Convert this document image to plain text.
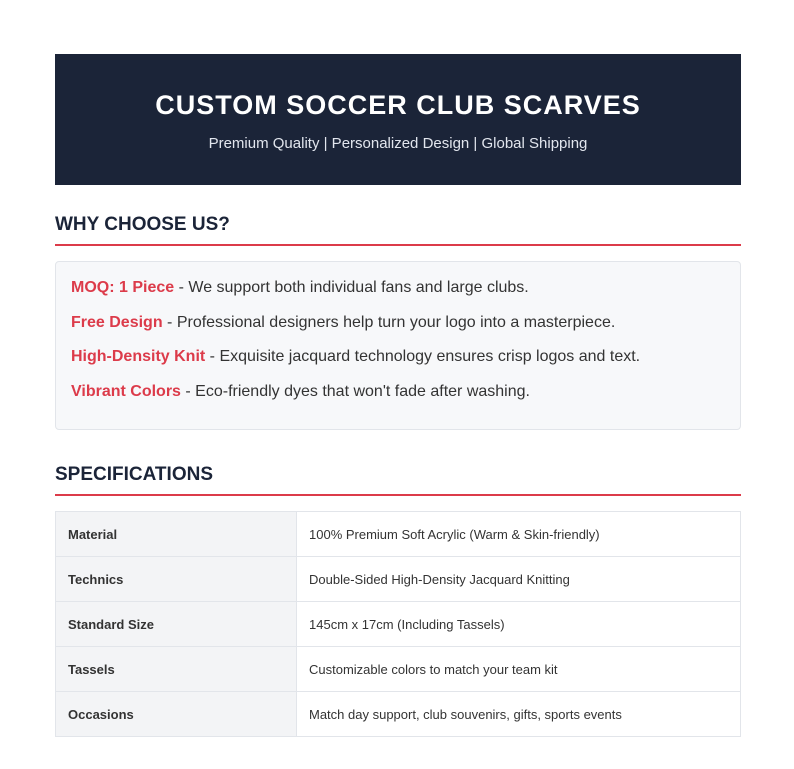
CUSTOM SOCCER CLUB SCARVES
Premium Quality | Personalized Design | Global Shipping
WHY CHOOSE US?
MOQ: 1 Piece - We support both individual fans and large clubs.
Free Design - Professional designers help turn your logo into a masterpiece.
High-Density Knit - Exquisite jacquard technology ensures crisp logos and text.
Vibrant Colors - Eco-friendly dyes that won't fade after washing.
SPECIFICATIONS
Material	100% Premium Soft Acrylic (Warm & Skin-friendly)
Technics	Double-Sided High-Density Jacquard Knitting
Standard Size	145cm x 17cm (Including Tassels)
Tassels	Customizable colors to match your team kit
Occasions	Match day support, club souvenirs, gifts, sports events
